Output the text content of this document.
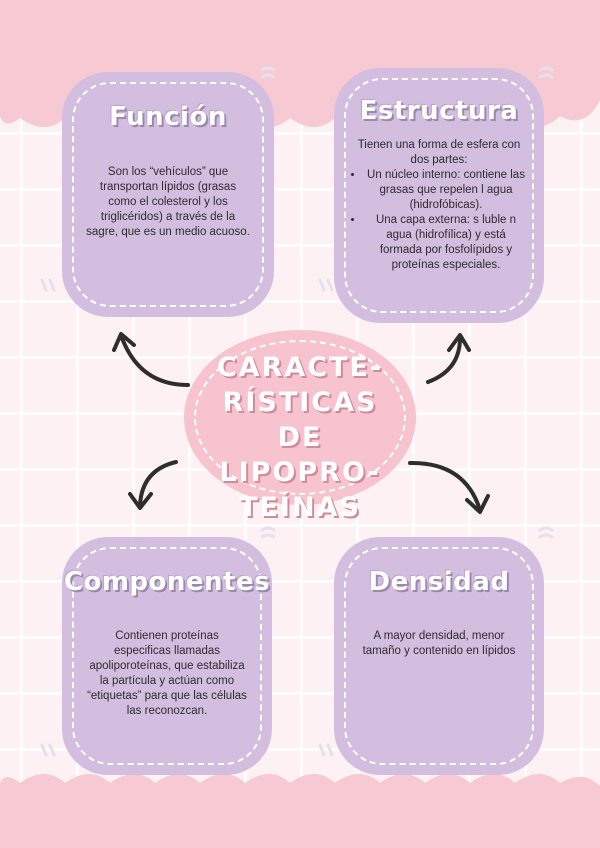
Función
Son los “vehículos” que transportan lípidos (grasas como el colesterol y los triglicéridos) a través de la sagre, que es un medio acuoso.
Estructura
Tienen una forma de esfera con dos partes:
• Un núcleo interno: contiene las grasas que repelen l agua (hidrofóbicas).
• Una capa externa: s luble n agua (hidrofílica) y está formada por fosfolípidos y proteínas especiales.
Componentes
Contienen proteínas especificas llamadas apoliporoteínas, que estabiliza la partícula y actúan como “etiquetas” para que las células las reconozcan.
Densidad
A mayor densidad, menor tamaño y contenido en lípidos
CARACTE-
RÍSTICAS DE
LIPOPRO-
TEÍNAS
